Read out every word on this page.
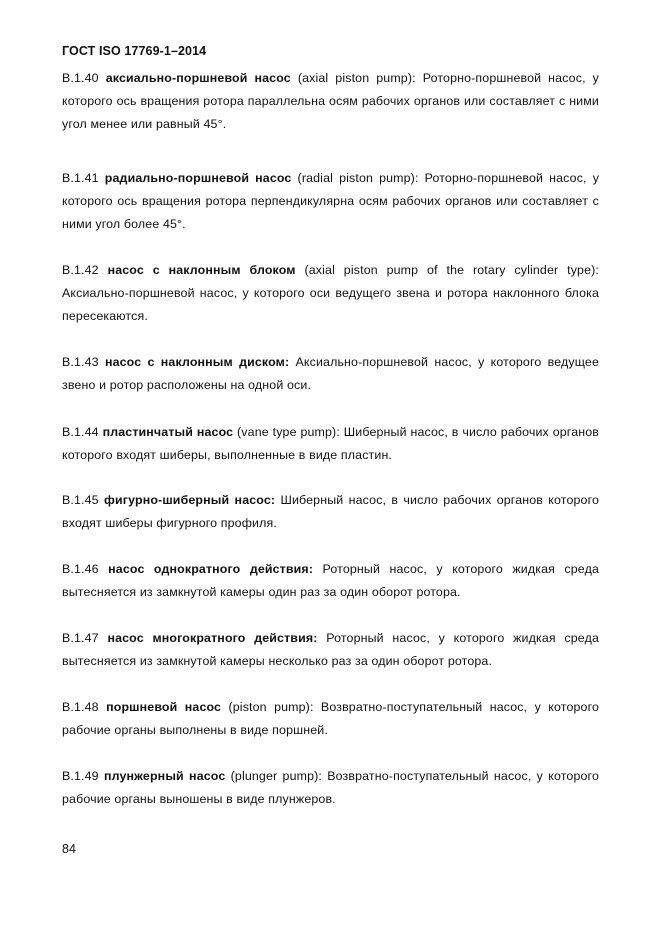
ГОСТ ISO 17769-1–2014

В.1.40 аксиально-поршневой насос (axial piston pump): Роторно-поршневой насос, у которого ось вращения ротора параллельна осям рабочих органов или составляет с ними угол менее или равный 45°.

В.1.41 радиально-поршневой насос (radial piston pump): Роторно-поршневой насос, у которого ось вращения ротора перпендикулярна осям рабочих органов или составляет с ними угол более 45°.

В.1.42 насос с наклонным блоком (axial piston pump of the rotary cylinder type): Аксиально-поршневой насос, у которого оси ведущего звена и ротора наклонного блока пересекаются.

В.1.43 насос с наклонным диском: Аксиально-поршневой насос, у которого ведущее звено и ротор расположены на одной оси.

В.1.44 пластинчатый насос (vane type pump): Шиберный насос, в число рабочих органов которого входят шиберы, выполненные в виде пластин.

В.1.45 фигурно-шиберный насос: Шиберный насос, в число рабочих органов которого входят шиберы фигурного профиля.

В.1.46 насос однократного действия: Роторный насос, у которого жидкая среда вытесняется из замкнутой камеры один раз за один оборот ротора.

В.1.47 насос многократного действия: Роторный насос, у которого жидкая среда вытесняется из замкнутой камеры несколько раз за один оборот ротора.

В.1.48 поршневой насос (piston pump): Возвратно-поступательный насос, у которого рабочие органы выполнены в виде поршней.

В.1.49 плунжерный насос (plunger pump): Возвратно-поступательный насос, у которого рабочие органы выношены в виде плунжеров.

84
